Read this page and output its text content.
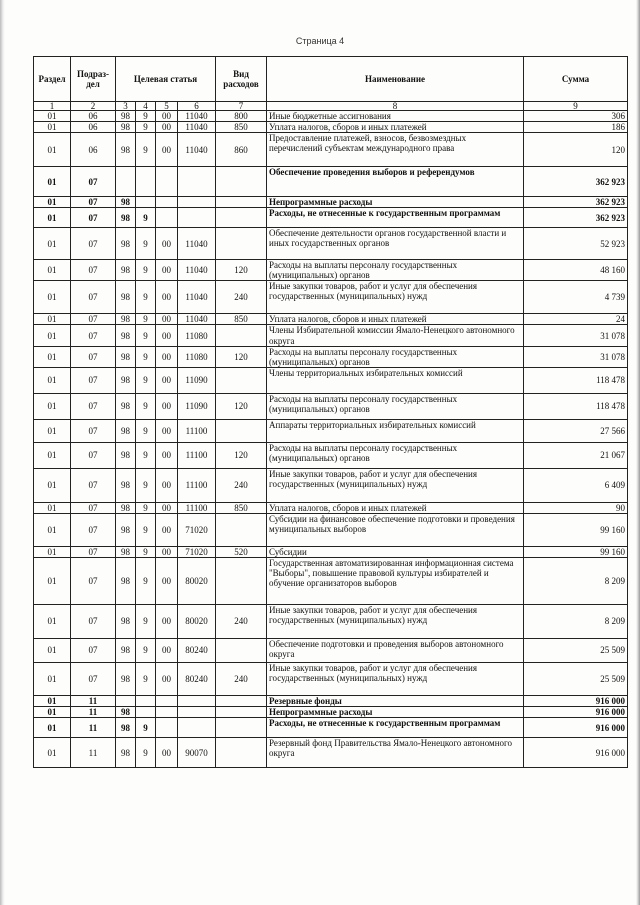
Страница 4
Раздел	Подраз-дел	Целевая статья				Вид расходов	Наименование	Сумма
1	2	3	4	5	6	7	8	9
01	06	98	9	00	11040	800	Иные бюджетные ассигнования	306
01	06	98	9	00	11040	850	Уплата налогов, сборов и иных платежей	186
01	06	98	9	00	11040	860	Предоставление платежей, взносов, безвозмездных перечислений субъектам международного права	120
01	07						Обеспечение проведения выборов и референдумов	362 923
01	07	98					Непрограммные расходы	362 923
01	07	98	9				Расходы, не отнесенные к государственным программам	362 923
01	07	98	9	00	11040		Обеспечение деятельности органов государственной власти и иных государственных органов	52 923
01	07	98	9	00	11040	120	Расходы на выплаты персоналу государственных (муниципальных) органов	48 160
01	07	98	9	00	11040	240	Иные закупки товаров, работ и услуг для обеспечения государственных (муниципальных) нужд	4 739
01	07	98	9	00	11040	850	Уплата налогов, сборов и иных платежей	24
01	07	98	9	00	11080		Члены Избирательной комиссии Ямало-Ненецкого автономного округа	31 078
01	07	98	9	00	11080	120	Расходы на выплаты персоналу государственных (муниципальных) органов	31 078
01	07	98	9	00	11090		Члены территориальных избирательных комиссий	118 478
01	07	98	9	00	11090	120	Расходы на выплаты персоналу государственных (муниципальных) органов	118 478
01	07	98	9	00	11100		Аппараты территориальных избирательных комиссий	27 566
01	07	98	9	00	11100	120	Расходы на выплаты персоналу государственных (муниципальных) органов	21 067
01	07	98	9	00	11100	240	Иные закупки товаров, работ и услуг для обеспечения государственных (муниципальных) нужд	6 409
01	07	98	9	00	11100	850	Уплата налогов, сборов и иных платежей	90
01	07	98	9	00	71020		Субсидии на финансовое обеспечение подготовки и проведения муниципальных выборов	99 160
01	07	98	9	00	71020	520	Субсидии	99 160
01	07	98	9	00	80020		Государственная автоматизированная информационная система "Выборы", повышение правовой культуры избирателей и обучение организаторов выборов	8 209
01	07	98	9	00	80020	240	Иные закупки товаров, работ и услуг для обеспечения государственных (муниципальных) нужд	8 209
01	07	98	9	00	80240		Обеспечение подготовки и проведения выборов автономного округа	25 509
01	07	98	9	00	80240	240	Иные закупки товаров, работ и услуг для обеспечения государственных (муниципальных) нужд	25 509
01	11						Резервные фонды	916 000
01	11	98					Непрограммные расходы	916 000
01	11	98	9				Расходы, не отнесенные к государственным программам	916 000
01	11	98	9	00	90070		Резервный фонд Правительства Ямало-Ненецкого автономного округа	916 000
